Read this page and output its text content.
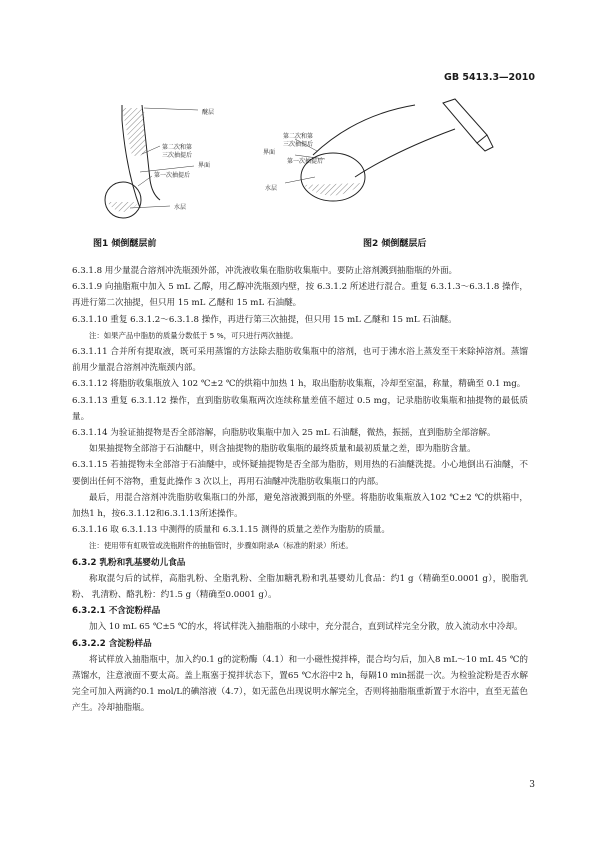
GB 5413.3—2010
醚层
第二次和第
三次抽提后
界面
第一次抽提后
水层
图1 倾倒醚层前
第二次和第
三次抽提后
界面
第一次抽提后
水层
图2 倾倒醚层后

6.3.1.8 用少量混合溶剂冲洗瓶颈外部，冲洗液收集在脂肪收集瓶中。要防止溶剂溅到抽脂瓶的外面。

6.3.1.9 向抽脂瓶中加入 5 mL 乙醇，用乙醇冲洗瓶颈内壁，按 6.3.1.2 所述进行混合。重复 6.3.1.3～6.3.1.8 操作，再进行第二次抽提，但只用 15 mL 乙醚和 15 mL 石油醚。

6.3.1.10 重复 6.3.1.2～6.3.1.8 操作，再进行第三次抽提，但只用 15 mL 乙醚和 15 mL 石油醚。

注：如果产品中脂肪的质量分数低于 5 %，可只进行两次抽提。

6.3.1.11 合并所有提取液，既可采用蒸馏的方法除去脂肪收集瓶中的溶剂，也可于沸水浴上蒸发至干来除掉溶剂。蒸馏前用少量混合溶剂冲洗瓶颈内部。

6.3.1.12 将脂肪收集瓶放入 102 ℃±2 ℃的烘箱中加热 1 h，取出脂肪收集瓶，冷却至室温，称量，精确至 0.1 mg。

6.3.1.13 重复 6.3.1.12 操作，直到脂肪收集瓶两次连续称量差值不超过 0.5 mg，记录脂肪收集瓶和抽提物的最低质量。

6.3.1.14 为验证抽提物是否全部溶解，向脂肪收集瓶中加入 25 mL 石油醚，微热，振摇，直到脂肪全部溶解。

如果抽提物全部溶于石油醚中，则含抽提物的脂肪收集瓶的最终质量和最初质量之差，即为脂肪含量。

6.3.1.15 若抽提物未全部溶于石油醚中，或怀疑抽提物是否全部为脂肪，则用热的石油醚洗提。小心地倒出石油醚，不要倒出任何不溶物，重复此操作 3 次以上，再用石油醚冲洗脂肪收集瓶口的内部。

最后，用混合溶剂冲洗脂肪收集瓶口的外部，避免溶液溅到瓶的外壁。将脂肪收集瓶放入102 ℃±2 ℃的烘箱中，加热1 h，按6.3.1.12和6.3.1.13所述操作。

6.3.1.16 取 6.3.1.13 中测得的质量和 6.3.1.15 测得的质量之差作为脂肪的质量。

注：使用带有虹吸管或洗瓶附件的抽脂管时，步骤如附录A（标准的附录）所述。

6.3.2 乳粉和乳基婴幼儿食品

称取混匀后的试样，高脂乳粉、全脂乳粉、全脂加糖乳粉和乳基婴幼儿食品：约1 g（精确至0.0001 g），脱脂乳粉、 乳清粉、酪乳粉：约1.5 g（精确至0.0001 g）。

6.3.2.1 不含淀粉样品

加入 10 mL 65 ℃±5 ℃的水，将试样洗入抽脂瓶的小球中，充分混合，直到试样完全分散，放入流动水中冷却。

6.3.2.2 含淀粉样品

将试样放入抽脂瓶中，加入约0.1 g的淀粉酶（4.1）和一小磁性搅拌棒，混合均匀后，加入8 mL～10 mL 45 ℃的蒸馏水，注意液面不要太高。盖上瓶塞于搅拌状态下，置65 ℃水浴中2 h，每隔10 min摇混一次。为检验淀粉是否水解完全可加入两滴约0.1 mol/L的碘溶液（4.7），如无蓝色出现说明水解完全，否则将抽脂瓶重新置于水浴中，直至无蓝色产生。冷却抽脂瓶。

3
